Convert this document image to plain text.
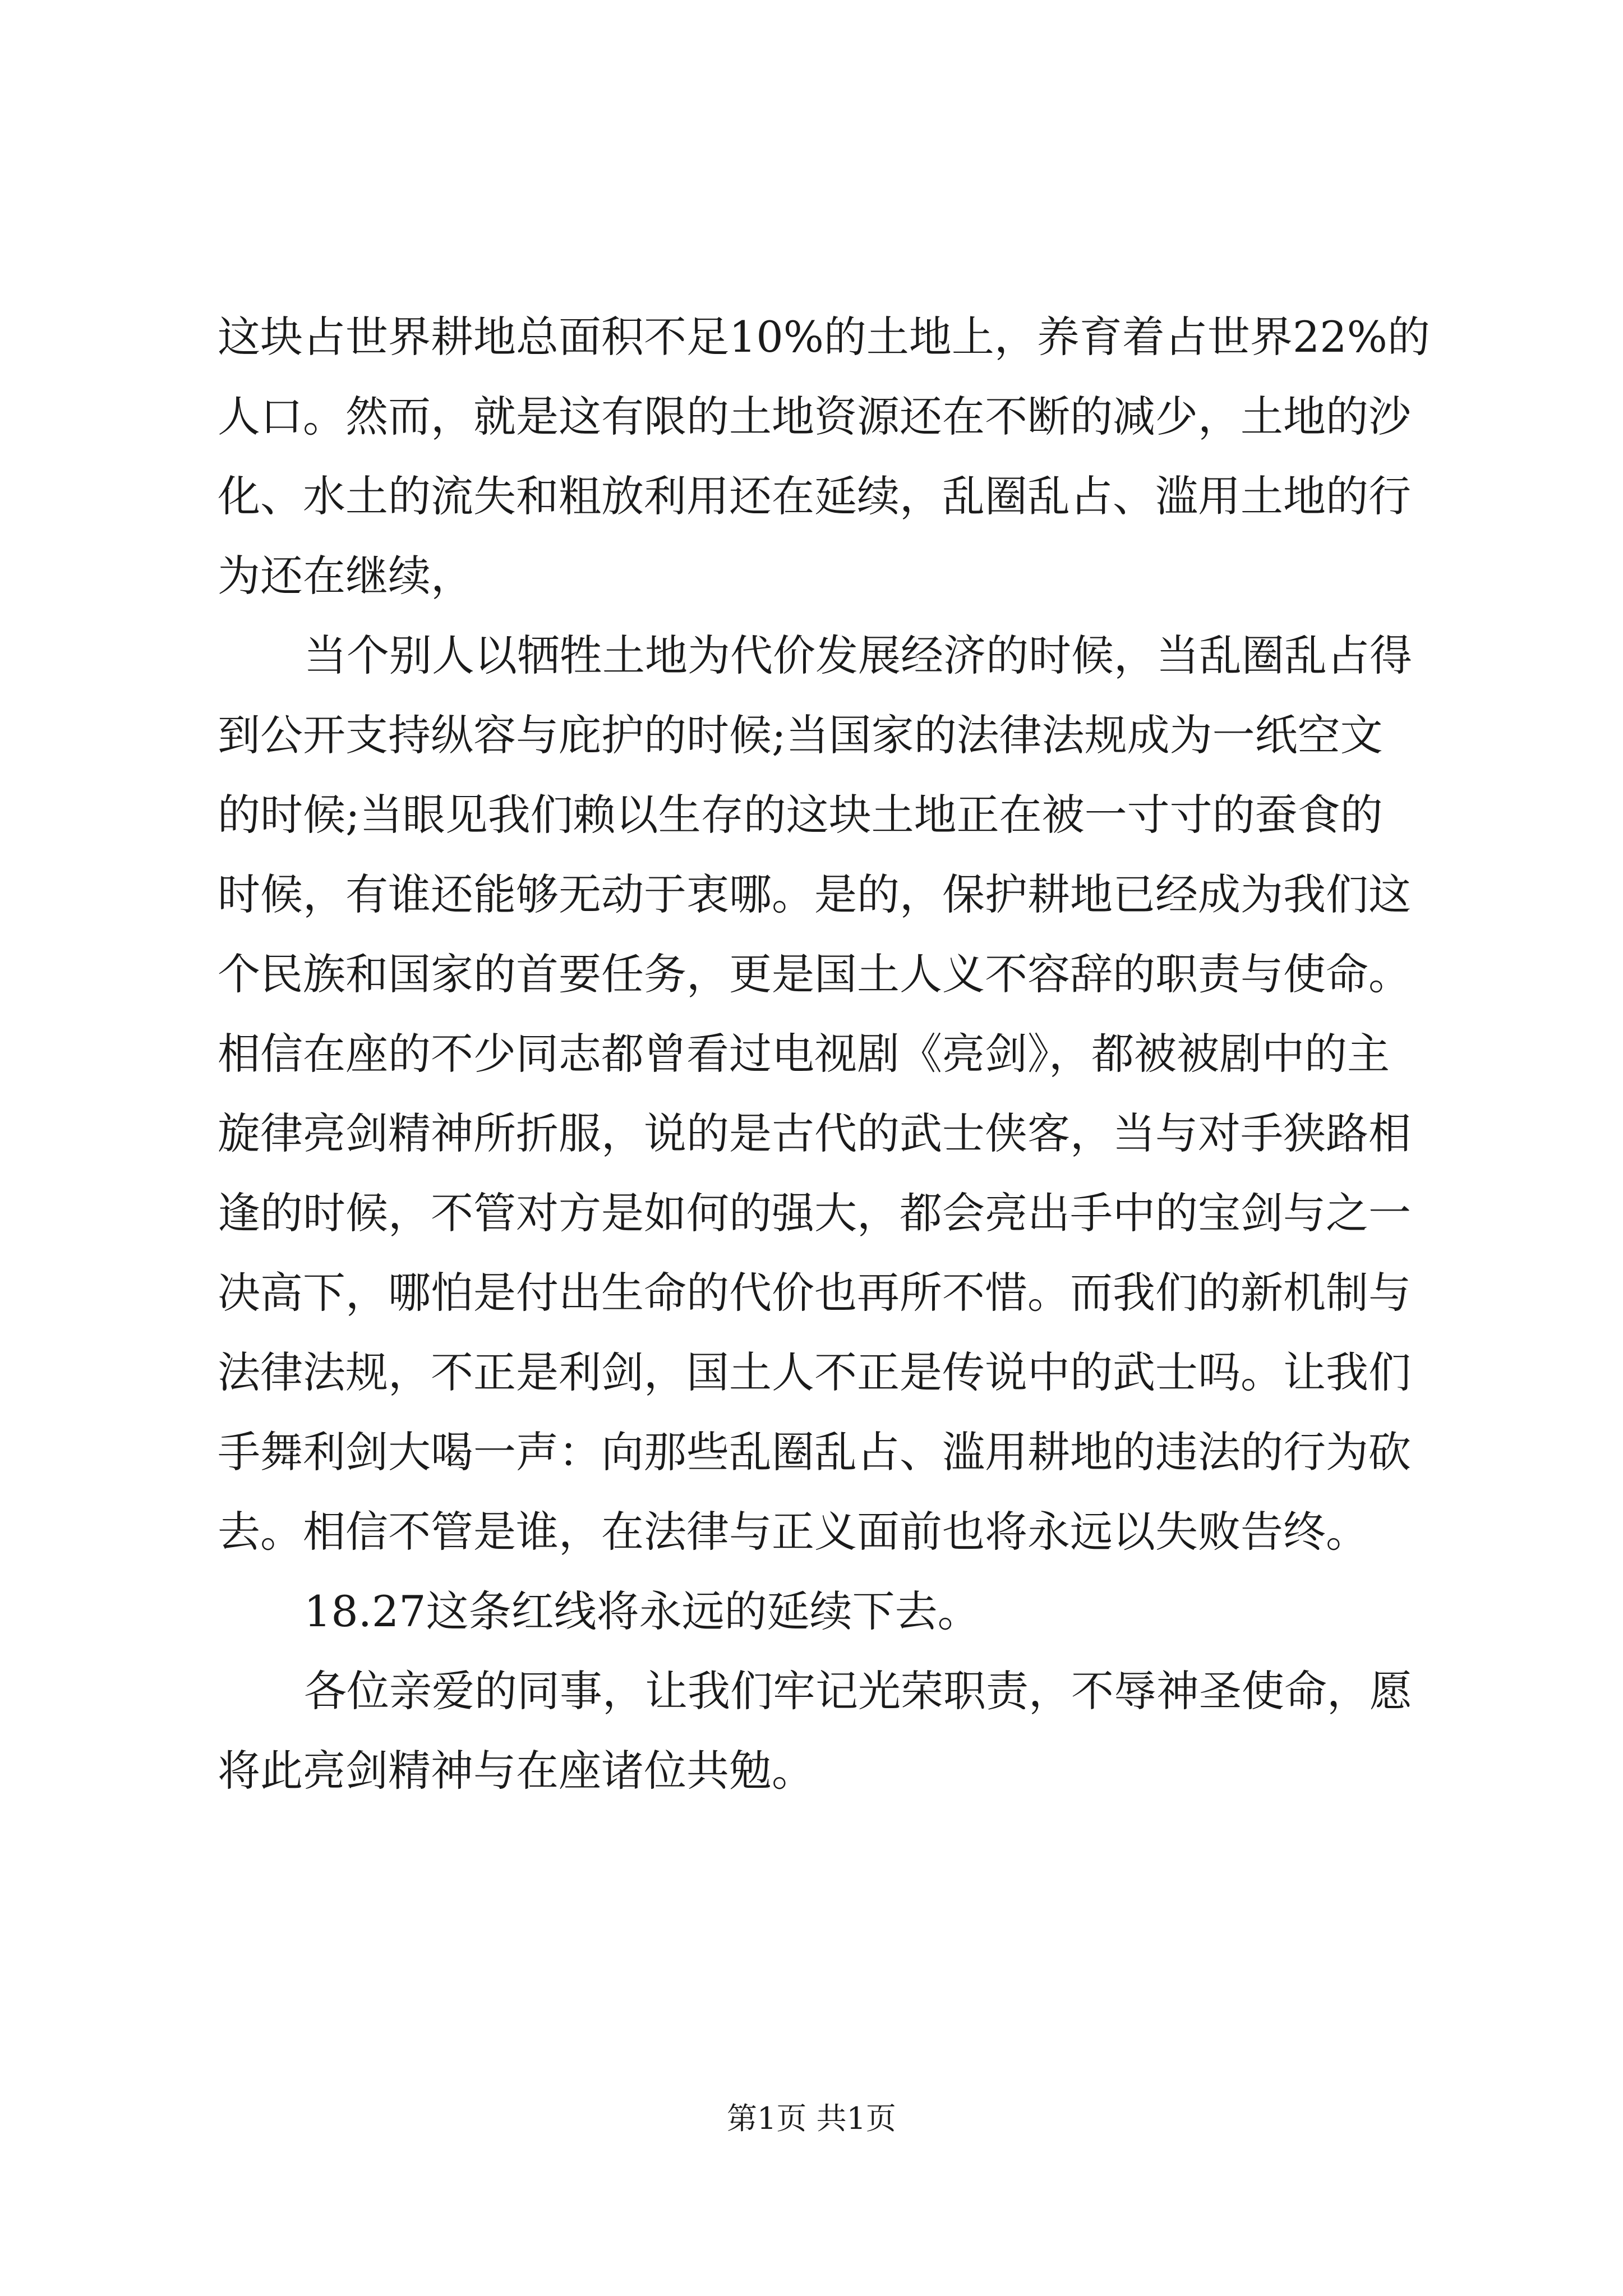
这块占世界耕地总面积不足10%的土地上，养育着占世界22%的

人口。然而，就是这有限的土地资源还在不断的减少，土地的沙

化、水土的流失和粗放利用还在延续，乱圈乱占、滥用土地的行

为还在继续，

当个别人以牺牲土地为代价发展经济的时候，当乱圈乱占得

到公开支持纵容与庇护的时候;当国家的法律法规成为一纸空文

的时候;当眼见我们赖以生存的这块土地正在被一寸寸的蚕食的

时候，有谁还能够无动于衷哪。是的，保护耕地已经成为我们这

个民族和国家的首要任务，更是国土人义不容辞的职责与使命。

相信在座的不少同志都曾看过电视剧《亮剑》，都被被剧中的主

旋律亮剑精神所折服，说的是古代的武士侠客，当与对手狭路相

逢的时候，不管对方是如何的强大，都会亮出手中的宝剑与之一

决高下，哪怕是付出生命的代价也再所不惜。而我们的新机制与

法律法规，不正是利剑，国土人不正是传说中的武士吗。让我们

手舞利剑大喝一声：向那些乱圈乱占、滥用耕地的违法的行为砍

去。相信不管是谁，在法律与正义面前也将永远以失败告终。

18.27这条红线将永远的延续下去。

各位亲爱的同事，让我们牢记光荣职责，不辱神圣使命，愿

将此亮剑精神与在座诸位共勉。

第1页 共1页
